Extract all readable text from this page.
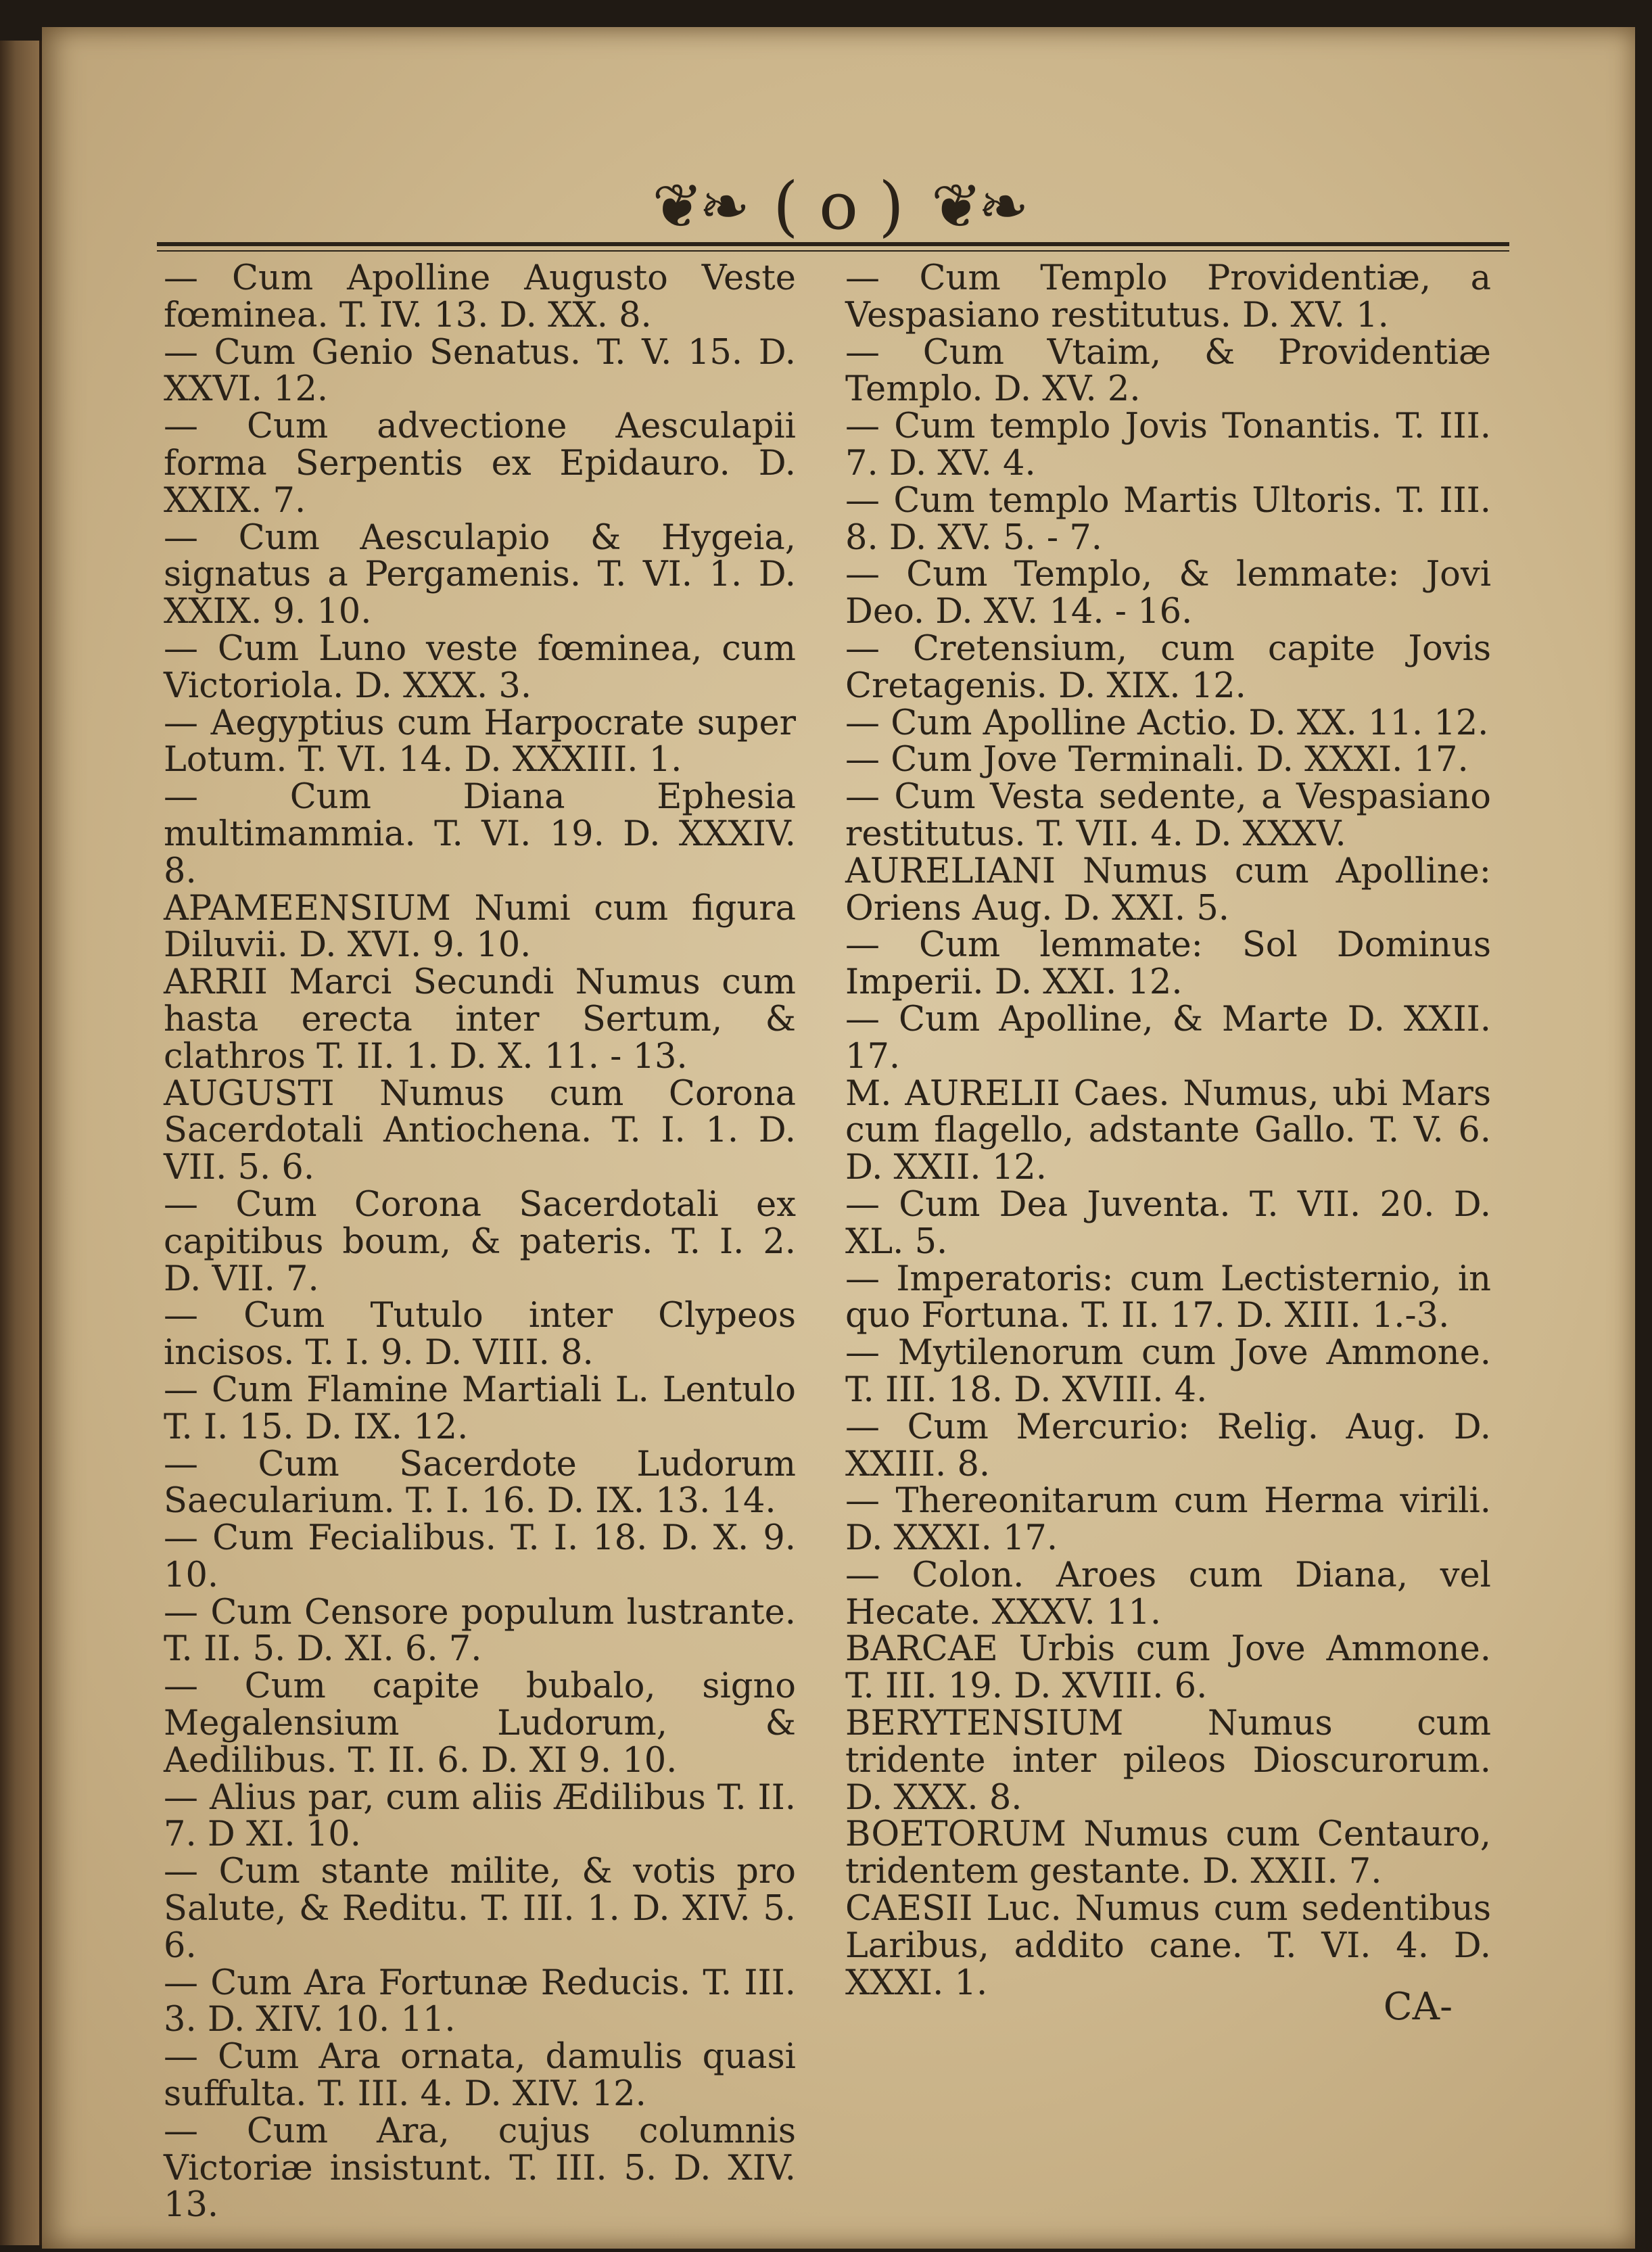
❦❧ ( o ) ❦❧

— Cum Apolline Augusto Veste fœminea. T. IV. 13. D. XX. 8.

— Cum Genio Senatus. T. V. 15. D. XXVI. 12.

— Cum advectione Aesculapii forma Serpentis ex Epidauro. D. XXIX. 7.

— Cum Aesculapio & Hygeia, signatus a Pergamenis. T. VI. 1. D. XXIX. 9. 10.

— Cum Luno veste fœminea, cum Victoriola. D. XXX. 3.

— Aegyptius cum Harpocrate super Lotum. T. VI. 14. D. XXXIII. 1.

— Cum Diana Ephesia multimammia. T. VI. 19. D. XXXIV. 8.

APAMEENSIUM Numi cum figura Diluvii. D. XVI. 9. 10.

ARRII Marci Secundi Numus cum hasta erecta inter Sertum, & clathros T. II. 1. D. X. 11. - 13.

AUGUSTI Numus cum Corona Sacerdotali Antiochena. T. I. 1. D. VII. 5. 6.

— Cum Corona Sacerdotali ex capitibus boum, & pateris. T. I. 2. D. VII. 7.

— Cum Tutulo inter Clypeos incisos. T. I. 9. D. VIII. 8.

— Cum Flamine Martiali L. Lentulo T. I. 15. D. IX. 12.

— Cum Sacerdote Ludorum Saecularium. T. I. 16. D. IX. 13. 14.

— Cum Fecialibus. T. I. 18. D. X. 9. 10.

— Cum Censore populum lustrante. T. II. 5. D. XI. 6. 7.

— Cum capite bubalo, signo Megalensium Ludorum, & Aedilibus. T. II. 6. D. XI 9. 10.

— Alius par, cum aliis Ædilibus T. II. 7. D XI. 10.

— Cum stante milite, & votis pro Salute, & Reditu. T. III. 1. D. XIV. 5. 6.

— Cum Ara Fortunæ Reducis. T. III. 3. D. XIV. 10. 11.

— Cum Ara ornata, damulis quasi suffulta. T. III. 4. D. XIV. 12.

— Cum Ara, cujus columnis Victoriæ insistunt. T. III. 5. D. XIV. 13.

— Cum Templo Providentiæ, a Vespasiano restitutus. D. XV. 1.

— Cum Vtaim, & Providentiæ Templo. D. XV. 2.

— Cum templo Jovis Tonantis. T. III. 7. D. XV. 4.

— Cum templo Martis Ultoris. T. III. 8. D. XV. 5. - 7.

— Cum Templo, & lemmate: Jovi Deo. D. XV. 14. - 16.

— Cretensium, cum capite Jovis Cretagenis. D. XIX. 12.

— Cum Apolline Actio. D. XX. 11. 12.

— Cum Jove Terminali. D. XXXI. 17.

— Cum Vesta sedente, a Vespasiano restitutus. T. VII. 4. D. XXXV.

AURELIANI Numus cum Apolline: Oriens Aug. D. XXI. 5.

— Cum lemmate: Sol Dominus Imperii. D. XXI. 12.

— Cum Apolline, & Marte D. XXII. 17.

M. AURELII Caes. Numus, ubi Mars cum flagello, adstante Gallo. T. V. 6. D. XXII. 12.

— Cum Dea Juventa. T. VII. 20. D. XL. 5.

— Imperatoris: cum Lectisternio, in quo Fortuna. T. II. 17. D. XIII. 1.-3.

— Mytilenorum cum Jove Ammone. T. III. 18. D. XVIII. 4.

— Cum Mercurio: Relig. Aug. D. XXIII. 8.

— Thereonitarum cum Herma virili. D. XXXI. 17.

— Colon. Aroes cum Diana, vel Hecate. XXXV. 11.

BARCAE Urbis cum Jove Ammone. T. III. 19. D. XVIII. 6.

BERYTENSIUM Numus cum tridente inter pileos Dioscurorum. D. XXX. 8.

BOETORUM Numus cum Centauro, tridentem gestante. D. XXII. 7.

CAESII Luc. Numus cum sedentibus Laribus, addito cane. T. VI. 4. D. XXXI. 1.

CA-
